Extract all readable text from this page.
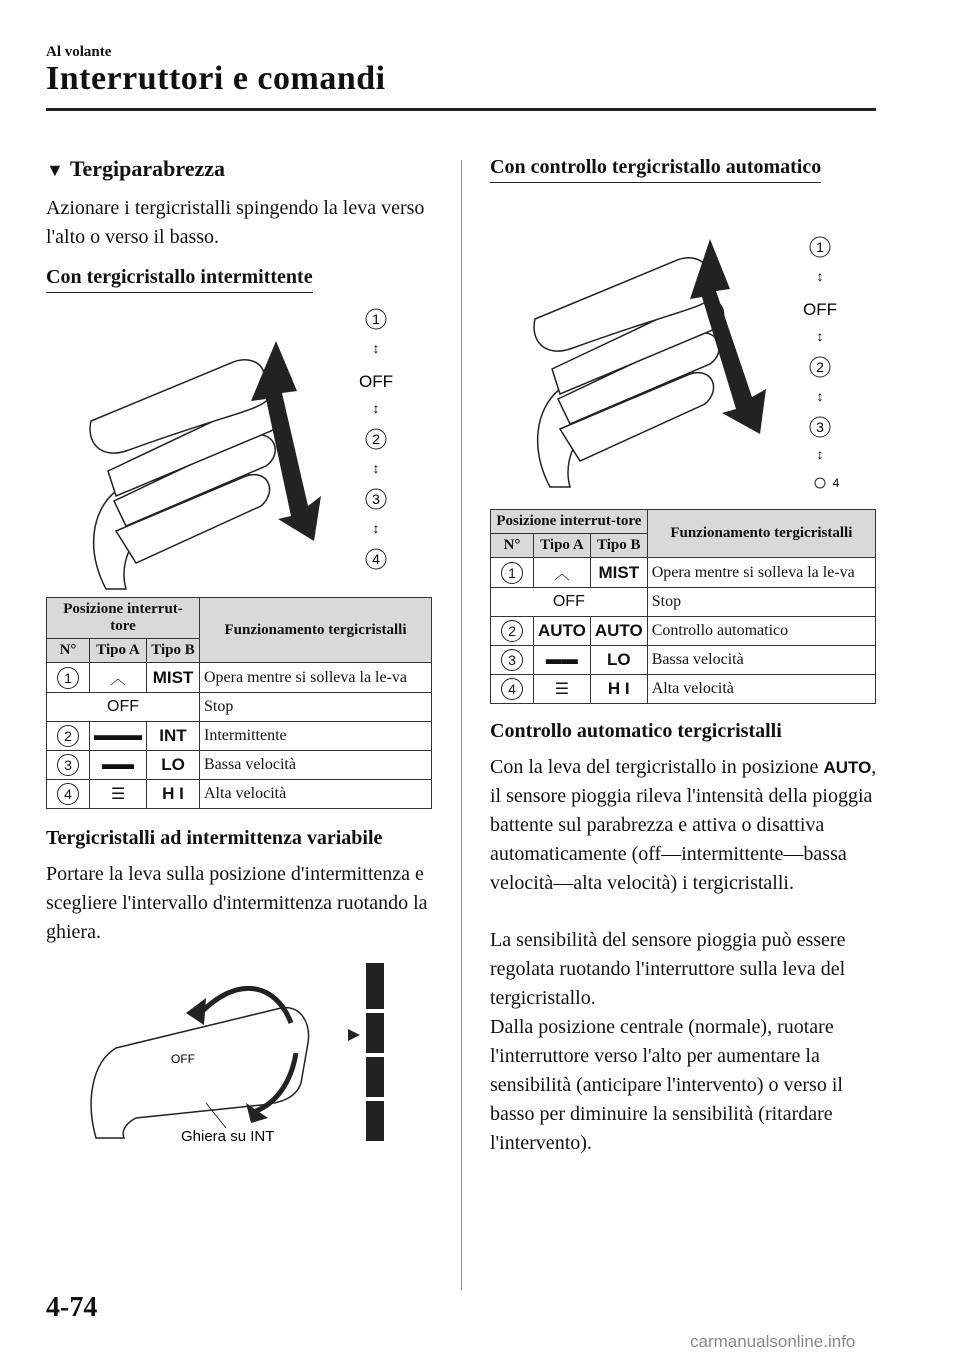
Al volante
Interruttori e comandi
▼ Tergiparabrezza

Azionare i tergicristalli spingendo la leva verso l'alto o verso il basso.

Con tergicristallo intermittente
1
↕
OFF
↕
2
↕
3
↕
4
Posizione interrut-tore			Funzionamento tergicristalli
N°	Tipo A	Tipo B	
1	︿	MIST	Opera mentre si solleva la le-va
OFF			Stop
2	▬▬▬	INT	Intermittente
3	▬▬	LO	Bassa velocità
4	☰	H I	Alta velocità
Tergicristalli ad intermittenza variabile

Portare la leva sulla posizione d'intermittenza e scegliere l'intervallo d'intermittenza ruotando la ghiera.

OFF
Ghiera su INT
Con controllo tergicristallo automatico
1
↕
OFF
↕
2
↕
3
↕
4
Posizione interrut-tore			Funzionamento tergicristalli
N°	Tipo A	Tipo B	
1	︿	MIST	Opera mentre si solleva la le-va
OFF			Stop
2	AUTO	AUTO	Controllo automatico
3	▬▬	LO	Bassa velocità
4	☰	H I	Alta velocità
Controllo automatico tergicristalli

Con la leva del tergicristallo in posizione AUTO, il sensore pioggia rileva l'intensità della pioggia battente sul parabrezza e attiva o disattiva automaticamente (off—intermittente—bassa velocità—alta velocità) i tergicristalli.

La sensibilità del sensore pioggia può essere regolata ruotando l'interruttore sulla leva del tergicristallo.

Dalla posizione centrale (normale), ruotare l'interruttore verso l'alto per aumentare la sensibilità (anticipare l'intervento) o verso il basso per diminuire la sensibilità (ritardare l'intervento).

4-74
carmanualsonline.info
